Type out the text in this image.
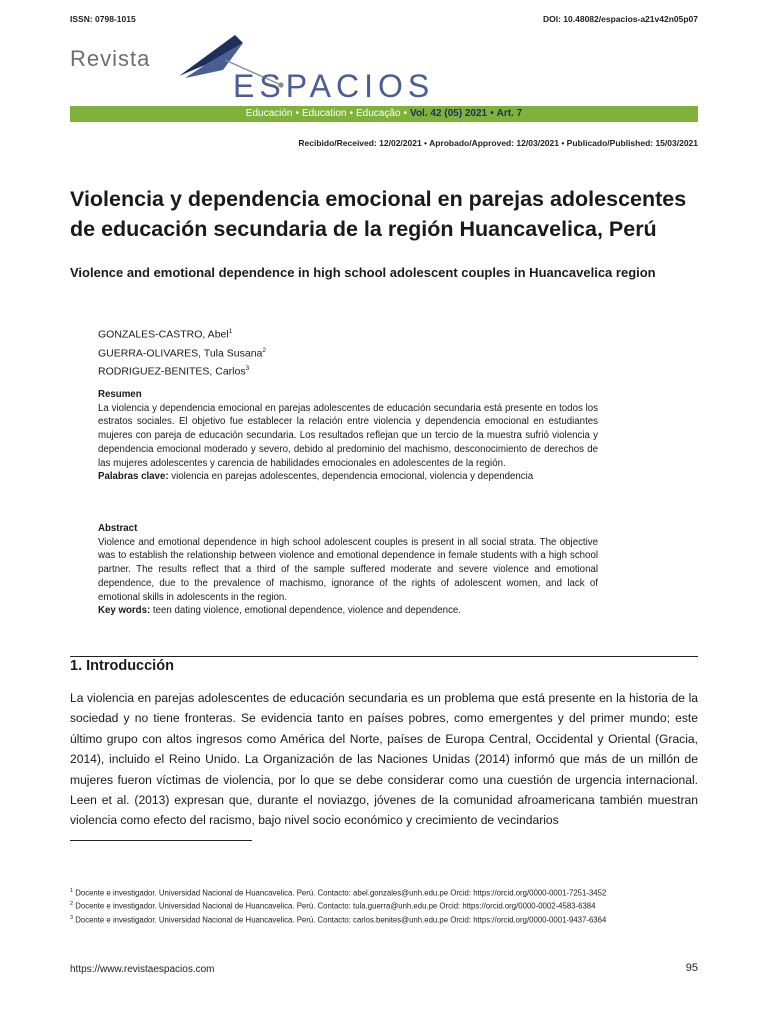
ISSN: 0798-1015	DOI: 10.48082/espacios-a21v42n05p07
Revista
ESPACIOS
Educación • Education • Educação • Vol. 42 (05) 2021 • Art. 7
Recibido/Received: 12/02/2021 • Aprobado/Approved: 12/03/2021 • Publicado/Published: 15/03/2021
Violencia y dependencia emocional en parejas adolescentes de educación secundaria de la región Huancavelica, Perú
Violence and emotional dependence in high school adolescent couples in Huancavelica region
GONZALES-CASTRO, Abel$^1$
GUERRA-OLIVARES, Tula Susana$^2$
RODRIGUEZ-BENITES, Carlos$^3$
Resumen
La violencia y dependencia emocional en parejas adolescentes de educación secundaria está presente en todos los estratos sociales. El objetivo fue establecer la relación entre violencia y dependencia emocional en estudiantes mujeres con pareja de educación secundaria. Los resultados reflejan que un tercio de la muestra sufrió violencia y dependencia emocional moderado y severo, debido al predominio del machismo, desconocimiento de derechos de las mujeres adolescentes y carencia de habilidades emocionales en adolescentes de la región.
Palabras clave: violencia en parejas adolescentes, dependencia emocional, violencia y dependencia
Abstract
Violence and emotional dependence in high school adolescent couples is present in all social strata. The objective was to establish the relationship between violence and emotional dependence in female students with a high school partner. The results reflect that a third of the sample suffered moderate and severe violence and emotional dependence, due to the prevalence of machismo, ignorance of the rights of adolescent women, and lack of emotional skills in adolescents in the region.
Key words: teen dating violence, emotional dependence, violence and dependence.
1. Introducción
La violencia en parejas adolescentes de educación secundaria es un problema que está presente en la historia de la sociedad y no tiene fronteras. Se evidencia tanto en países pobres, como emergentes y del primer mundo; este último grupo con altos ingresos como América del Norte, países de Europa Central, Occidental y Oriental (Gracia, 2014), incluido el Reino Unido. La Organización de las Naciones Unidas (2014) informó que más de un millón de mujeres fueron víctimas de violencia, por lo que se debe considerar como una cuestión de urgencia internacional. Leen et al. (2013) expresan que, durante el noviazgo, jóvenes de la comunidad afroamericana también muestran violencia como efecto del racismo, bajo nivel socio económico y crecimiento de vecindarios
$^1$ Docente e investigador. Universidad Nacional de Huancavelica. Perú. Contacto: abel.gonzales@unh.edu.pe Orcid: https://orcid.org/0000-0001-7251-3452
$^2$ Docente e investigador. Universidad Nacional de Huancavelica. Perú. Contacto: tula.guerra@unh.edu.pe Orcid: https://orcid.org/0000-0002-4583-6384
$^3$ Docente e investigador. Universidad Nacional de Huancavelica. Perú. Contacto: carlos.benites@unh.edu.pe Orcid: https://orcid.org/0000-0001-9437-6364
https://www.revistaespacios.com	95
